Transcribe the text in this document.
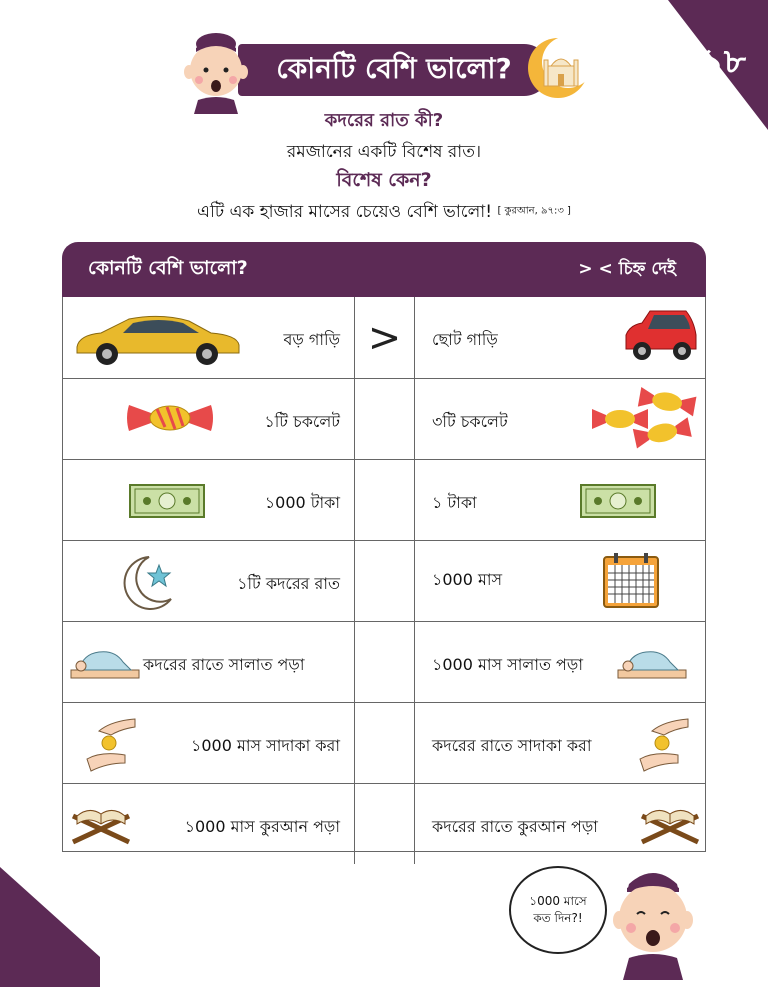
১৮
কোনটি বেশি ভালো?
কদরের রাত কী?
রমজানের একটি বিশেষ রাত।
বিশেষ কেন?
এটি এক হাজার মাসের চেয়েও বেশি ভালো! [ কুরআন, ৯৭:৩ ]
কোনটি বেশি ভালো?	> < চিহ্ন দেই
বড় গাড়ি >	ছোট গাড়ি
১টি চকলেট	৩টি চকলেট
১000 টাকা	১ টাকা
১টি কদরের রাত	১000 মাস
কদরের রাতে সালাত পড়া	১000 মাস সালাত পড়া
১000 মাস সাদাকা করা	কদরের রাতে সাদাকা করা
১000 মাস কুরআন পড়া	কদরের রাতে কুরআন পড়া
১000 মাসে
কত দিন?!
